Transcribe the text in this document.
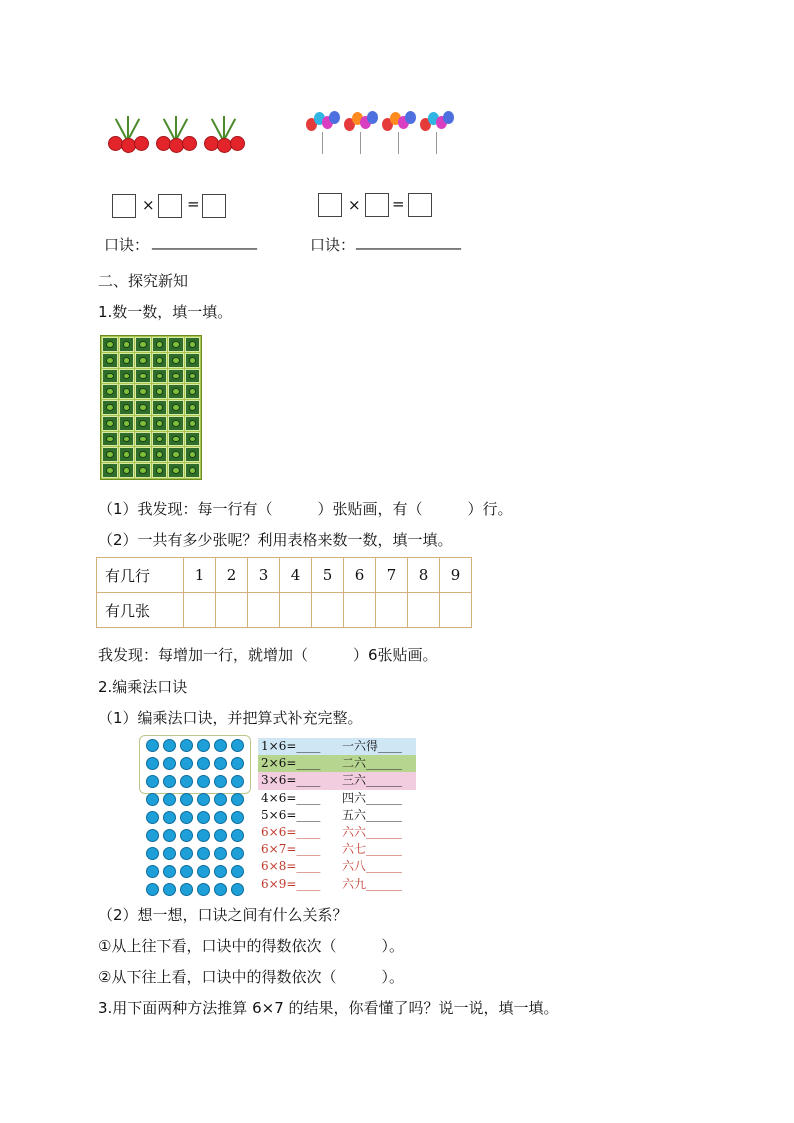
× =	× =
口诀： ______________	口诀： ______________
二、探究新知
1.数一数，填一填。
（1）我发现：每一行有（　　　）张贴画，有（　　　）行。
（2）一共有多少张呢？利用表格来数一数，填一填。
有几行	1	2	3	4	5	6	7	8	9
有几张									
我发现：每增加一行，就增加（　　　）6张贴画。
2.编乘法口诀
（1）编乘法口诀，并把算式补充完整。
1×6=____ 一六得____
2×6=____ 二六______
3×6=____ 三六______
4×6=____ 四六______
5×6=____ 五六______
6×6=____ 六六______
6×7=____ 六七______
6×8=____ 六八______
6×9=____ 六九______
（2）想一想，口诀之间有什么关系？
①从上往下看，口诀中的得数依次（　　　）。
②从下往上看，口诀中的得数依次（　　　）。
3.用下面两种方法推算 6×7 的结果，你看懂了吗？说一说，填一填。
